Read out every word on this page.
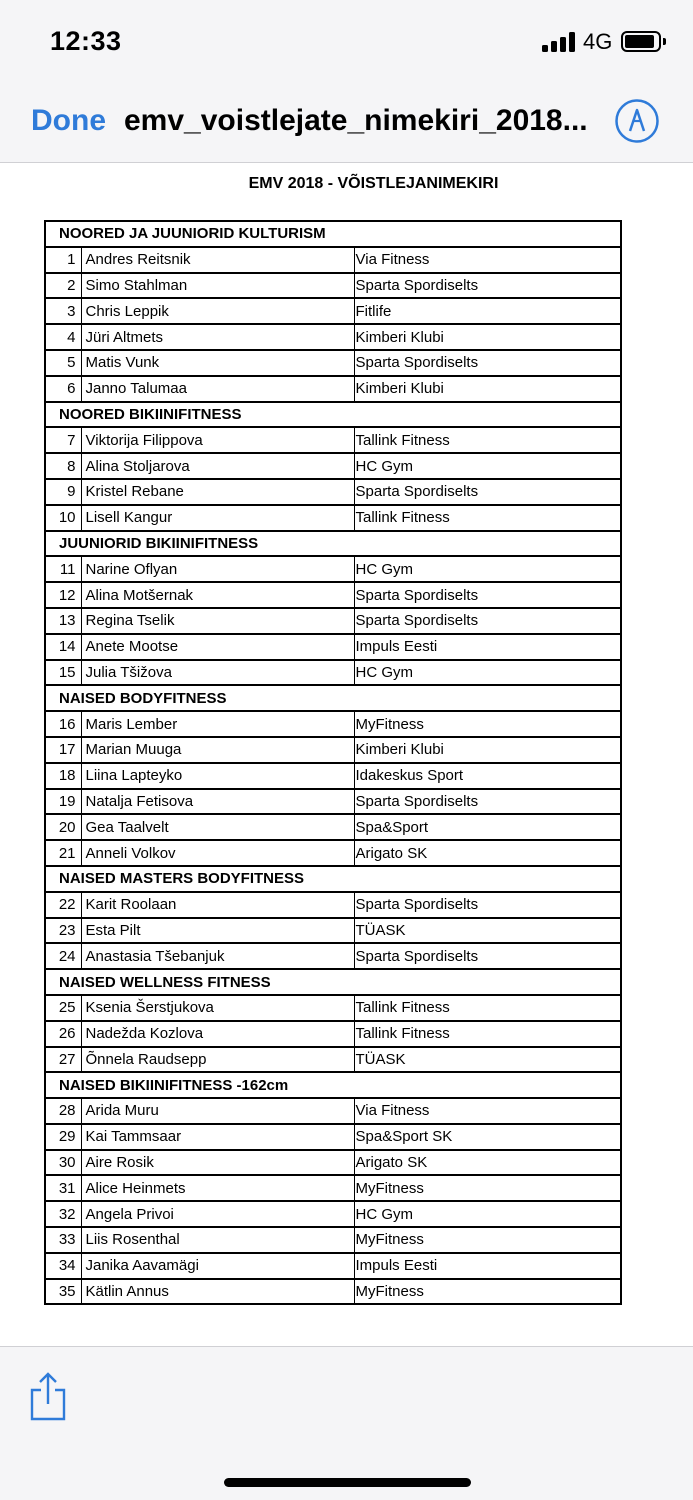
12:33	4G
Done emv_voistlejate_nimekiri_2018...
EMV 2018 - VÕISTLEJANIMEKIRI
NOORED JA JUUNIORID KULTURISM		
1	Andres Reitsnik	Via Fitness
2	Simo Stahlman	Sparta Spordiselts
3	Chris Leppik	Fitlife
4	Jüri Altmets	Kimberi Klubi
5	Matis Vunk	Sparta Spordiselts
6	Janno Talumaa	Kimberi Klubi
NOORED BIKIINIFITNESS		
7	Viktorija Filippova	Tallink Fitness
8	Alina Stoljarova	HC Gym
9	Kristel Rebane	Sparta Spordiselts
10	Lisell Kangur	Tallink Fitness
JUUNIORID BIKIINIFITNESS		
11	Narine Oflyan	HC Gym
12	Alina Motšernak	Sparta Spordiselts
13	Regina Tselik	Sparta Spordiselts
14	Anete Mootse	Impuls Eesti
15	Julia Tšižova	HC Gym
NAISED BODYFITNESS		
16	Maris Lember	MyFitness
17	Marian Muuga	Kimberi Klubi
18	Liina Lapteyko	Idakeskus Sport
19	Natalja Fetisova	Sparta Spordiselts
20	Gea Taalvelt	Spa&Sport
21	Anneli Volkov	Arigato SK
NAISED MASTERS BODYFITNESS		
22	Karit Roolaan	Sparta Spordiselts
23	Esta Pilt	TÜASK
24	Anastasia Tšebanjuk	Sparta Spordiselts
NAISED WELLNESS FITNESS		
25	Ksenia Šerstjukova	Tallink Fitness
26	Nadežda Kozlova	Tallink Fitness
27	Õnnela Raudsepp	TÜASK
NAISED BIKIINIFITNESS -162cm		
28	Arida Muru	Via Fitness
29	Kai Tammsaar	Spa&Sport SK
30	Aire Rosik	Arigato SK
31	Alice Heinmets	MyFitness
32	Angela Privoi	HC Gym
33	Liis Rosenthal	MyFitness
34	Janika Aavamägi	Impuls Eesti
35	Kätlin Annus	MyFitness
